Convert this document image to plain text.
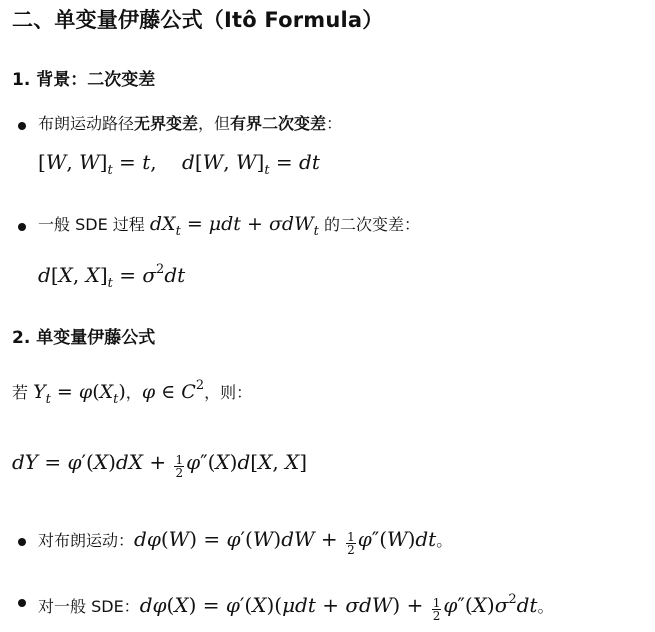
二、单变量伊藤公式（Itô Formula）
1. 背景：二次变差
布朗运动路径无界变差，但有界二次变差：
[W, $W]_t = t$,    d[W, $W]_t$ = dt
一般 SDE 过程 $dX_t = \mu dt + \sigma dW_t$ 的二次变差：
d[X, $X]_t = \sigma^2dt$
2. 单变量伊藤公式
若 $Y_t = \varphi(X_t)$，φ ∈ $C^2$，则：
dY = $\varphi'(X)dX + \frac{1}{2} \varphi''(X)d[X$, X]
对布朗运动：$d\varphi(W) = \varphi'(W)dW + \frac{1}{2} \varphi''(W)dt$。
对一般 SDE：$d\varphi(X) = \varphi'(X)(\mu dt + \sigma dW) + \frac{1}{2} \varphi''(X)\sigma^2dt$。
